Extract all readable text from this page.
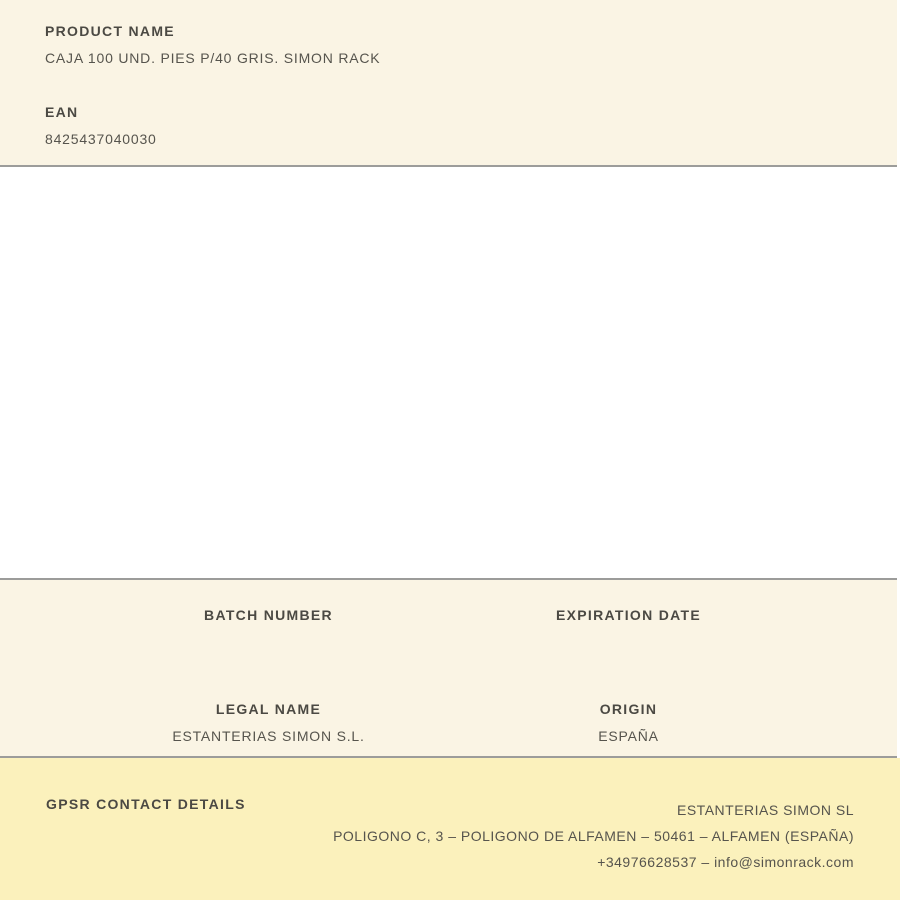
PRODUCT NAME
CAJA 100 UND. PIES P/40 GRIS. SIMON RACK
EAN
8425437040030
BATCH NUMBER	EXPIRATION DATE
LEGAL NAME
ESTANTERIAS SIMON S.L.
ORIGIN
ESPAÑA
GPSR CONTACT DETAILS	ESTANTERIAS SIMON SL
POLIGONO C, 3 – POLIGONO DE ALFAMEN – 50461 – ALFAMEN (ESPAÑA)
+34976628537 – info@simonrack.com
